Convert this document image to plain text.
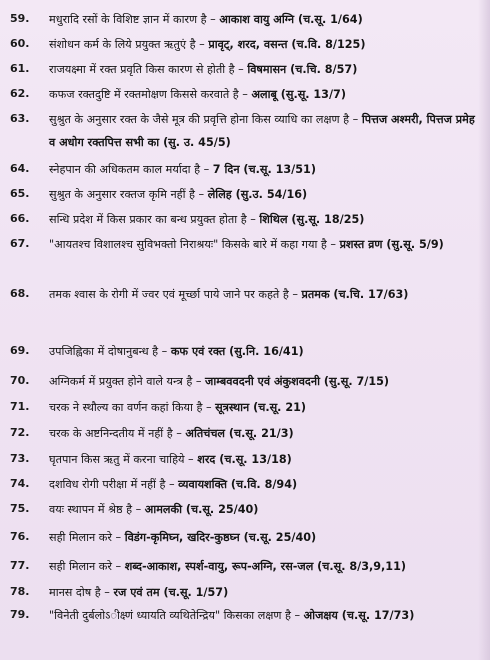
59.	मधुरादि रसों के विशिष्ट ज्ञान में कारण है – आकाश वायु अग्नि (च.सू. 1/64)
60.	संशोधन कर्म के लिये प्रयुक्त ऋतुएं है – प्रावृट्, शरद, वसन्त (च.वि. 8/125)
61.	राजयक्ष्मा में रक्त प्रवृति किस कारण से होती है – विषमासन (च.चि. 8/57)
62.	कफज रक्तदुष्टि में रक्तमोक्षण किससे करवाते है – अलाबू (सु.सू. 13/7)
63.	सुश्रुत के अनुसार रक्त के जैसे मूत्र की प्रवृत्ति होना किस व्याधि का लक्षण है – पित्तज अश्मरी, पित्तज प्रमेह व अधोग रक्तपित्त सभी का (सु. उ. 45/5)
64.	स्नेहपान की अधिकतम काल मर्यादा है – 7 दिन (च.सू. 13/51)
65.	सुश्रुत के अनुसार रक्तज कृमि नहीं है – लेलिह (सु.उ. 54/16)
66.	सन्धि प्रदेश में किस प्रकार का बन्ध प्रयुक्त होता है – शिथिल (सु.सू. 18/25)
67.	"आयतश्च विशालश्च सुविभक्तो निराश्रयः" किसके बारे में कहा गया है – प्रशस्त व्रण (सु.सू. 5/9)
68.	तमक श्वास के रोगी में ज्वर एवं मूर्च्छा पाये जाने पर कहते है – प्रतमक (च.चि. 17/63)
69.	उपजिह्विका में दोषानुबन्ध है – कफ एवं रक्त (सु.नि. 16/41)
70.	अग्निकर्म में प्रयुक्त होने वाले यन्त्र है – जाम्बववदनी एवं अंकुशवदनी (सु.सू. 7/15)
71.	चरक ने स्थौल्य का वर्णन कहां किया है – सूत्रस्थान (च.सू. 21)
72.	चरक के अष्टनिन्दतीय में नहीं है – अतिचंचल (च.सू. 21/3)
73.	घृतपान किस ऋतु में करना चाहिये – शरद (च.सू. 13/18)
74.	दशविध रोगी परीक्षा में नहीं है – व्यवायशक्ति (च.वि. 8/94)
75.	वयः स्थापन में श्रेष्ठ है – आमलकी (च.सू. 25/40)
76.	सही मिलान करे – विडंग-कृमिघ्न, खदिर-कुष्ठघ्न (च.सू. 25/40)
77.	सही मिलान करे – शब्द-आकाश, स्पर्श-वायु, रूप-अग्नि, रस-जल (च.सू. 8/3,9,11)
78.	मानस दोष है – रज एवं तम (च.सू. 1/57)
79.	"विनेती दुर्बलोऽीक्ष्णं ध्यायति व्यथितेन्द्रिय" किसका लक्षण है – ओजक्षय (च.सू. 17/73)
